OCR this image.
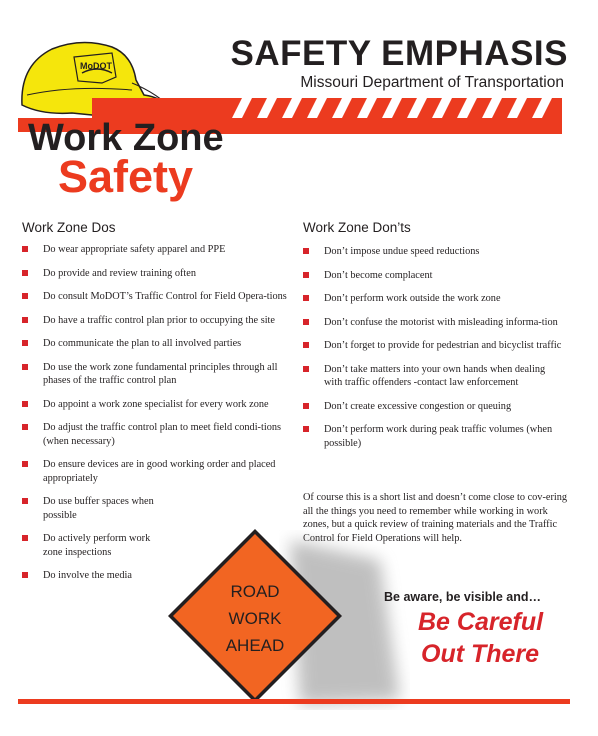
MoDOT	SAFETY EMPHASIS
Missouri Department of Transportation
Work Zone
Safety
Work Zone Dos
Do wear appropriate safety apparel and PPE
Do provide and review training often
Do consult MoDOT’s Traffic Control for Field Opera-tions
Do have a traffic control plan prior to occupying the site
Do communicate the plan to all involved parties
Do use the work zone fundamental principles through all phases of the traffic control plan
Do appoint a work zone specialist for every work zone
Do adjust the traffic control plan to meet field condi-tions (when necessary)
Do ensure devices are in good working order and placed appropriately
Do use buffer spaces when possible
Do actively perform work zone inspections
Do involve the media
Work Zone Don’ts
Don’t impose undue speed reductions
Don’t become complacent
Don’t perform work outside the work zone
Don’t confuse the motorist with misleading informa-tion
Don’t forget to provide for pedestrian and bicyclist traffic
Don’t take matters into your own hands when dealing with traffic offenders -contact law enforcement
Don’t create excessive congestion or queuing
Don’t perform work during peak traffic volumes (when possible)
Of course this is a short list and doesn’t come close to cov-ering all the things you need to remember while working in work zones, but a quick review of training materials and the Traffic Control for Field Operations will help.
ROAD
WORK
AHEAD
Be aware, be visible and…
Be Careful
Out There
